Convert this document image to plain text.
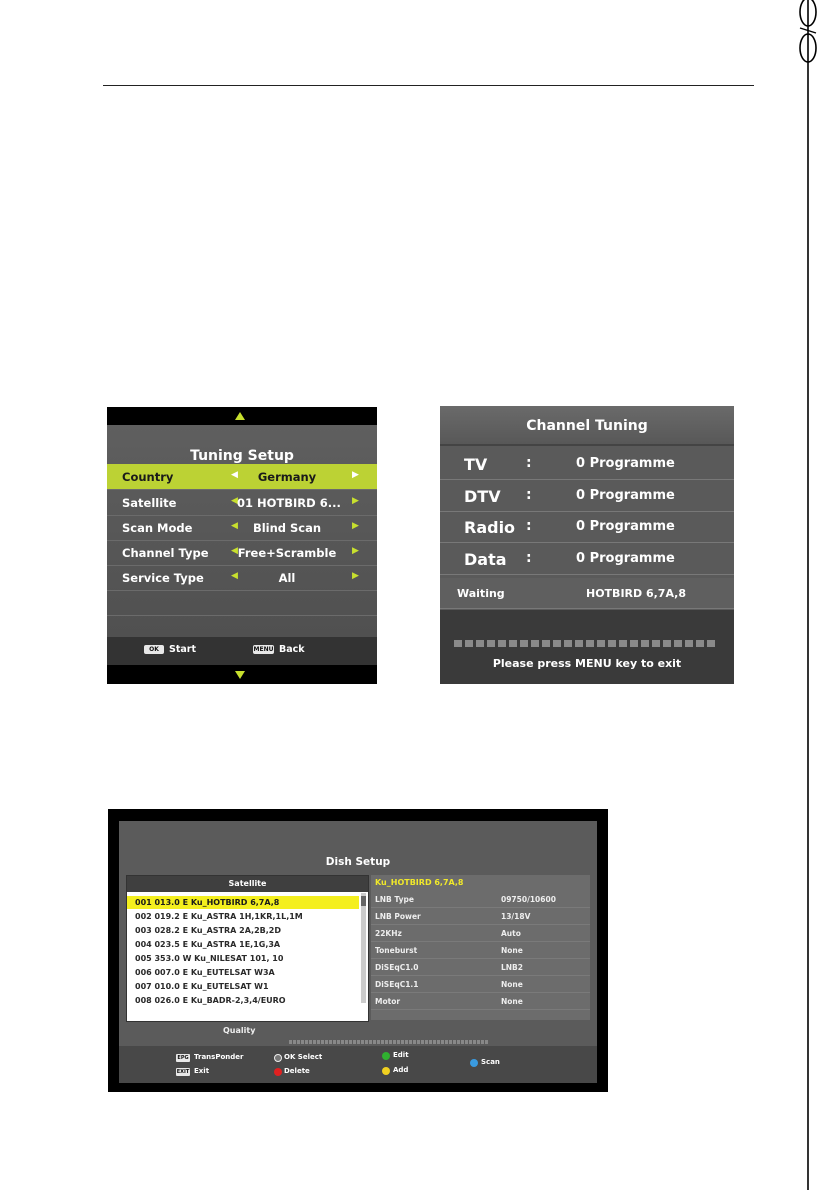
Tuning Setup
Country	◀	Germany	▶
Satellite	◀ 01 HOTBIRD 6... ▶
Scan Mode	◀	Blind Scan	▶
Channel Type ◀ Free+Scramble ▶
Service Type	◀	All	▶
OK	Start	MENU Back
Channel Tuning
TV	:	0 Programme
DTV :	0 Programme
Radio :	0 Programme
Data :	0 Programme
Waiting	HOTBIRD 6,7A,8
Please press MENU key to exit
Dish Setup
Satellite
001 013.0 E Ku_HOTBIRD 6,7A,8
002 019.2 E Ku_ASTRA 1H,1KR,1L,1M
003 028.2 E Ku_ASTRA 2A,2B,2D
004 023.5 E Ku_ASTRA 1E,1G,3A
005 353.0 W Ku_NILESAT 101, 10
006 007.0 E Ku_EUTELSAT W3A
007 010.0 E Ku_EUTELSAT W1
008 026.0 E Ku_BADR-2,3,4/EURO
Ku_HOTBIRD 6,7A,8
LNB Type	09750/10600
LNB Power	13/18V
22KHz	Auto
Toneburst	None
DiSEqC1.0	LNB2
DiSEqC1.1	None
Motor	None
Quality
EPG TransPonder
EXIT Exit
OK Select
Delete
Edit
Add
Scan
